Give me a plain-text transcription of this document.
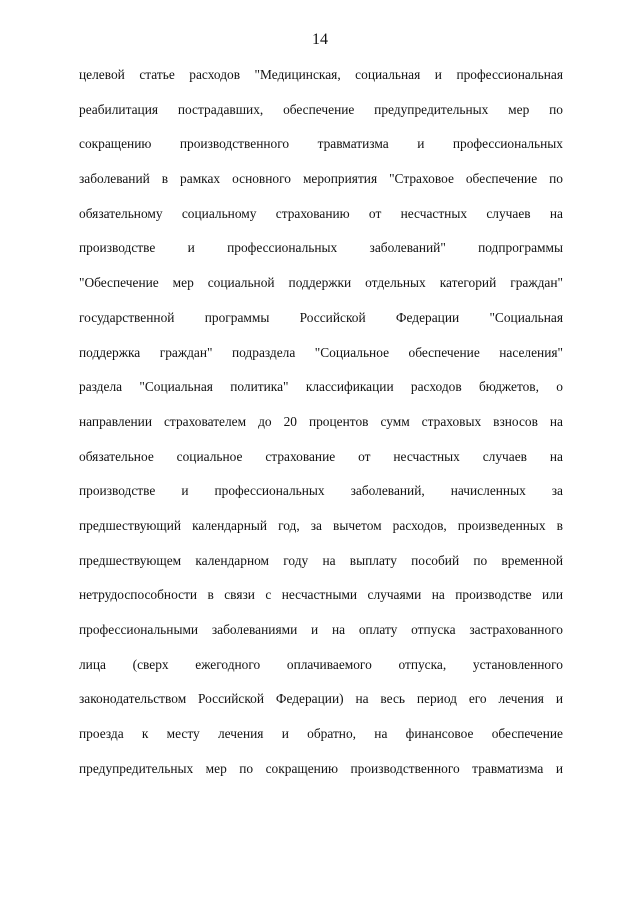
14
целевой статье расходов "Медицинская, социальная и профессиональная
реабилитация пострадавших, обеспечение предупредительных мер по
сокращению производственного травматизма и профессиональных
заболеваний в рамках основного мероприятия "Страховое обеспечение по
обязательному социальному страхованию от несчастных случаев на
производстве и профессиональных заболеваний" подпрограммы
"Обеспечение мер социальной поддержки отдельных категорий граждан"
государственной программы Российской Федерации "Социальная
поддержка граждан" подраздела "Социальное обеспечение населения"
раздела "Социальная политика" классификации расходов бюджетов, о
направлении страхователем до 20 процентов сумм страховых взносов на
обязательное социальное страхование от несчастных случаев на
производстве и профессиональных заболеваний, начисленных за
предшествующий календарный год, за вычетом расходов, произведенных в
предшествующем календарном году на выплату пособий по временной
нетрудоспособности в связи с несчастными случаями на производстве или
профессиональными заболеваниями и на оплату отпуска застрахованного
лица (сверх ежегодного оплачиваемого отпуска, установленного
законодательством Российской Федерации) на весь период его лечения и
проезда к месту лечения и обратно, на финансовое обеспечение
предупредительных мер по сокращению производственного травматизма и
